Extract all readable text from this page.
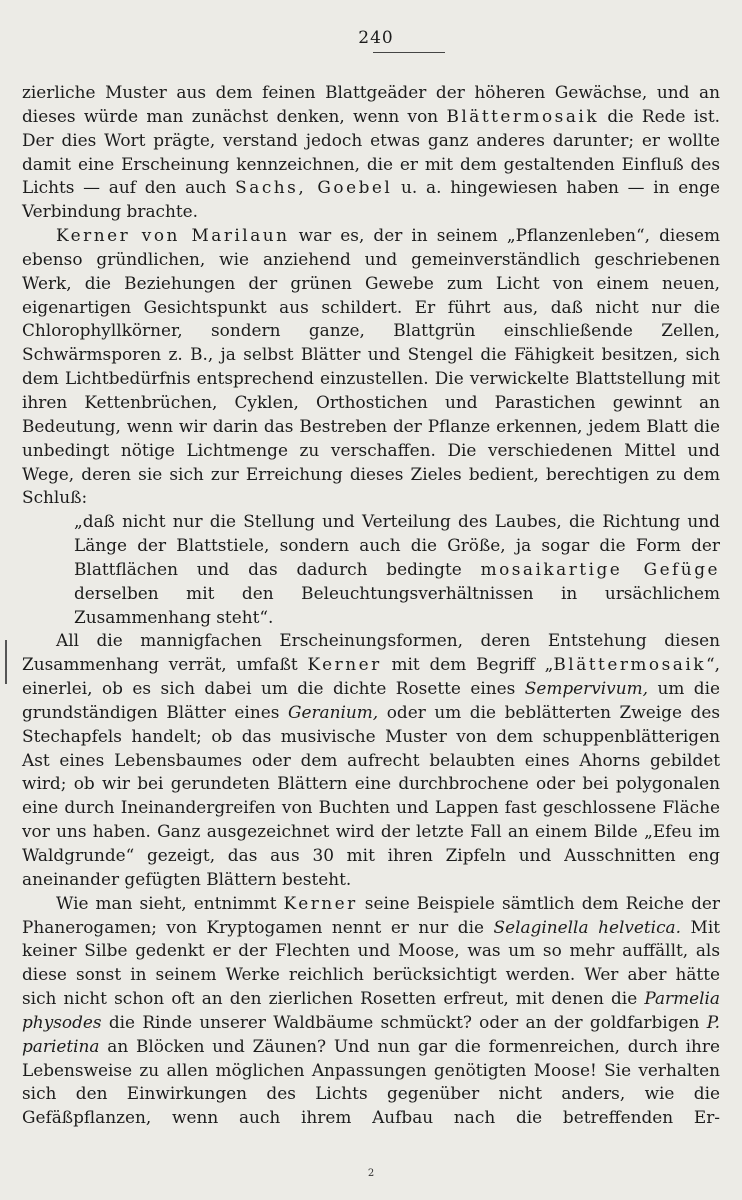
240

zierliche Muster aus dem feinen Blattgeäder der höheren Gewächse, und an dieses würde man zunächst denken, wenn von Blättermosaik die Rede ist. Der dies Wort prägte, verstand jedoch etwas ganz anderes darunter; er wollte damit eine Erscheinung kennzeichnen, die er mit dem gestaltenden Einfluß des Lichts — auf den auch Sachs, Goebel u. a. hingewiesen haben — in enge Verbindung brachte.

Kerner von Marilaun war es, der in seinem „Pflanzenleben“, diesem ebenso gründlichen, wie anziehend und gemeinverständlich geschriebenen Werk, die Beziehungen der grünen Gewebe zum Licht von einem neuen, eigenartigen Gesichtspunkt aus schildert. Er führt aus, daß nicht nur die Chlorophyllkörner, sondern ganze, Blattgrün einschließende Zellen, Schwärmsporen z. B., ja selbst Blätter und Stengel die Fähigkeit besitzen, sich dem Lichtbedürfnis entsprechend einzustellen. Die verwickelte Blattstellung mit ihren Kettenbrüchen, Cyklen, Orthostichen und Parastichen gewinnt an Bedeutung, wenn wir darin das Bestreben der Pflanze erkennen, jedem Blatt die unbedingt nötige Lichtmenge zu verschaffen. Die verschiedenen Mittel und Wege, deren sie sich zur Erreichung dieses Zieles bedient, berechtigen zu dem Schluß:

„daß nicht nur die Stellung und Verteilung des Laubes, die Richtung und Länge der Blattstiele, sondern auch die Größe, ja sogar die Form der Blattflächen und das dadurch bedingte mosaikartige Gefüge derselben mit den Beleuchtungsverhältnissen in ursächlichem Zusammenhang steht“.

All die mannigfachen Erscheinungsformen, deren Entstehung diesen Zusammenhang verrät, umfaßt Kerner mit dem Begriff „Blättermosaik“, einerlei, ob es sich dabei um die dichte Rosette eines Sempervivum, um die grundständigen Blätter eines Geranium, oder um die beblätterten Zweige des Stechapfels handelt; ob das musivische Muster von dem schuppenblätterigen Ast eines Lebensbaumes oder dem aufrecht belaubten eines Ahorns gebildet wird; ob wir bei gerundeten Blättern eine durchbrochene oder bei polygonalen eine durch Ineinandergreifen von Buchten und Lappen fast geschlossene Fläche vor uns haben. Ganz ausgezeichnet wird der letzte Fall an einem Bilde „Efeu im Waldgrunde“ gezeigt, das aus 30 mit ihren Zipfeln und Ausschnitten eng aneinander gefügten Blättern besteht.

Wie man sieht, entnimmt Kerner seine Beispiele sämtlich dem Reiche der Phanerogamen; von Kryptogamen nennt er nur die Selaginella helvetica. Mit keiner Silbe gedenkt er der Flechten und Moose, was um so mehr auffällt, als diese sonst in seinem Werke reichlich berücksichtigt werden. Wer aber hätte sich nicht schon oft an den zierlichen Rosetten erfreut, mit denen die Parmelia physodes die Rinde unserer Waldbäume schmückt? oder an der goldfarbigen P. parietina an Blöcken und Zäunen? Und nun gar die formenreichen, durch ihre Lebensweise zu allen möglichen Anpassungen genötigten Moose! Sie verhalten sich den Einwirkungen des Lichts gegenüber nicht anders, wie die Gefäßpflanzen, wenn auch ihrem Aufbau nach die betreffenden Er-

2
